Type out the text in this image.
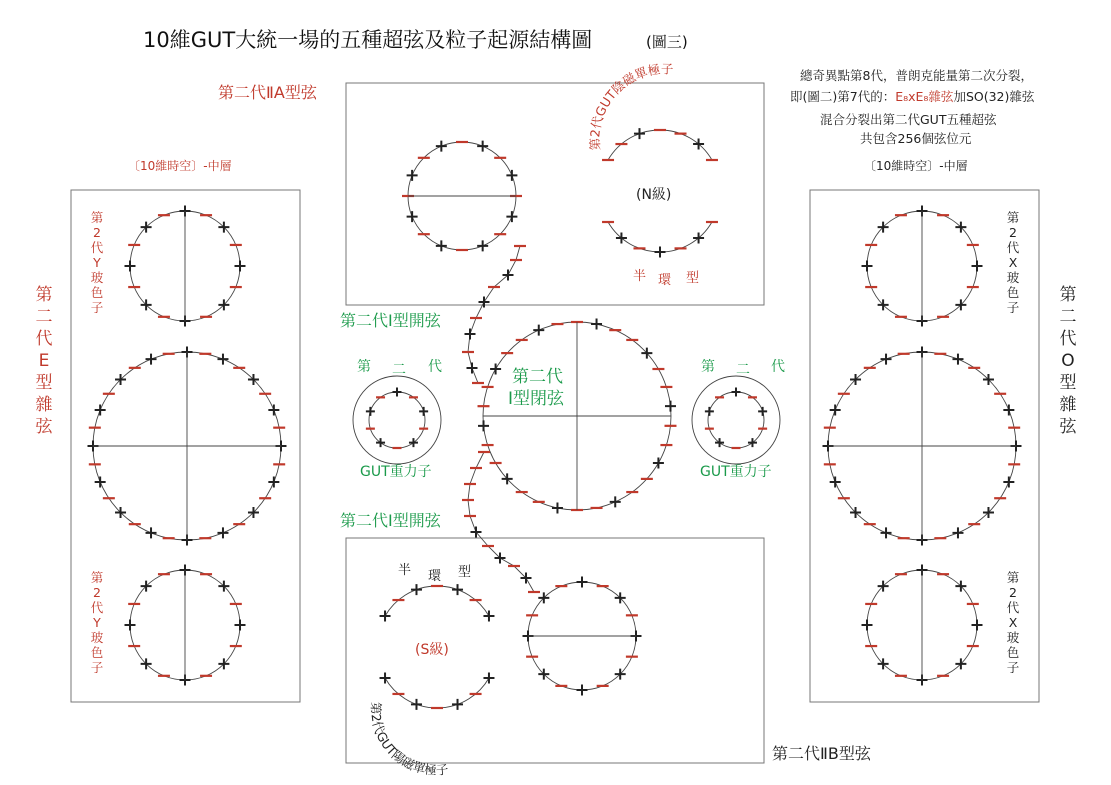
10維GUT大統一場的五種超弦及粒子起源結構圖	(圖三)
總奇異點第8代，普朗克能量第二次分裂，
即(圖二)第7代的：E₈xE₈雜弦加SO(32)雜弦
混合分裂出第二代GUT五種超弦
共包含256個弦位元
第二代ⅡA型弦
第二代ⅡB型弦
第二代Ⅰ型開弦
第二代Ⅰ型開弦
第二代
Ⅰ型閉弦
〔10維時空〕-中層	〔10維時空〕-中層
(N級)
(S級)
第
二
代
E
型
雜
弦
第
二
代
O
型
雜
弦
第
2
代
Y
玻
色
子
第
2
代
Y
玻
色
子
第
2
代
X
玻
色
子
第
2
代
X
玻
色
子
半 環 型
半 環 型
第 二 代	第 二 代
GUT重力子	GUT重力子
第2代GUT陰磁單極子
第2代GUT陽磁單極子
